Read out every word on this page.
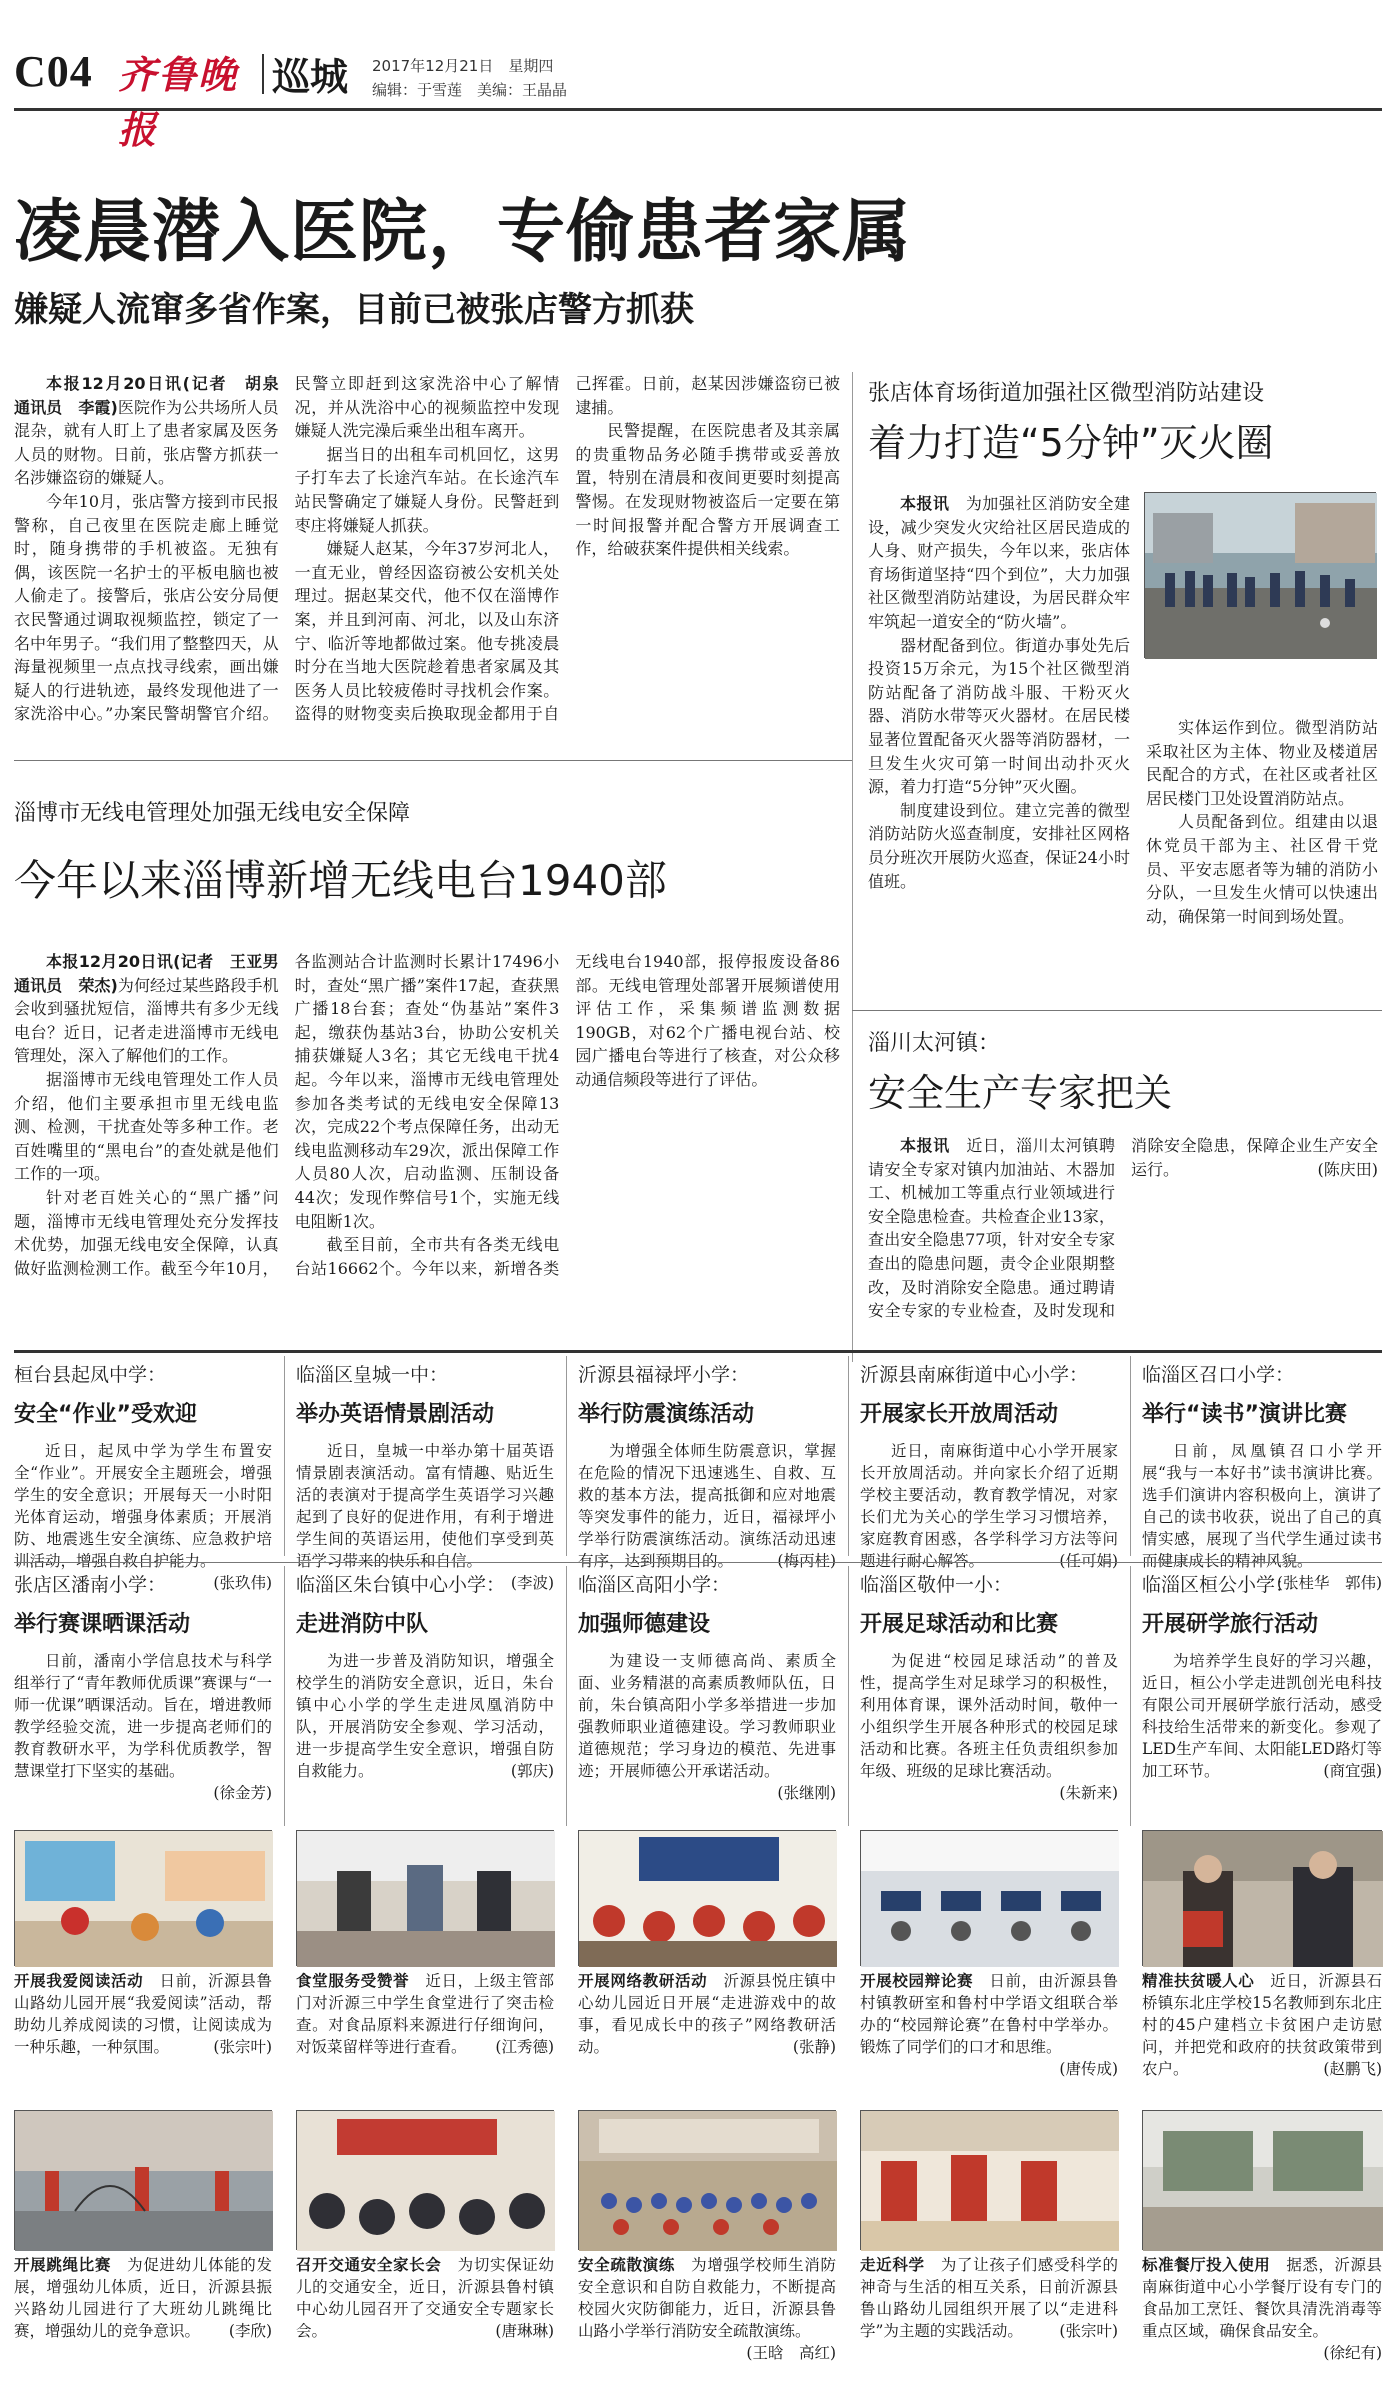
C04 齐鲁晚报
巡城	2017年12月21日　星期四
编辑：于雪莲　美编：王晶晶
凌晨潜入医院，专偷患者家属
嫌疑人流窜多省作案，目前已被张店警方抓获

本报12月20日讯(记者　胡泉　通讯员　李霞)医院作为公共场所人员混杂，就有人盯上了患者家属及医务人员的财物。日前，张店警方抓获一名涉嫌盗窃的嫌疑人。

今年10月，张店警方接到市民报警称，自己夜里在医院走廊上睡觉时，随身携带的手机被盗。无独有偶，该医院一名护士的平板电脑也被人偷走了。接警后，张店公安分局便衣民警通过调取视频监控，锁定了一名中年男子。“我们用了整整四天，从海量视频里一点点找寻线索，画出嫌疑人的行进轨迹，最终发现他进了一家洗浴中心。”办案民警胡警官介绍。民警立即赶到这家洗浴中心了解情况，并从洗浴中心的视频监控中发现嫌疑人洗完澡后乘坐出租车离开。

据当日的出租车司机回忆，这男子打车去了长途汽车站。在长途汽车站民警确定了嫌疑人身份。民警赶到枣庄将嫌疑人抓获。

嫌疑人赵某，今年37岁河北人，一直无业，曾经因盗窃被公安机关处理过。据赵某交代，他不仅在淄博作案，并且到河南、河北，以及山东济宁、临沂等地都做过案。他专挑凌晨时分在当地大医院趁着患者家属及其医务人员比较疲倦时寻找机会作案。盗得的财物变卖后换取现金都用于自己挥霍。日前，赵某因涉嫌盗窃已被逮捕。

民警提醒，在医院患者及其亲属的贵重物品务必随手携带或妥善放置，特别在清晨和夜间更要时刻提高警惕。在发现财物被盗后一定要在第一时间报警并配合警方开展调查工作，给破获案件提供相关线索。

张店体育场街道加强社区微型消防站建设
着力打造“5分钟”灭火圈

本报讯　 为加强社区消防安全建设，减少突发火灾给社区居民造成的人身、财产损失，今年以来，张店体育场街道坚持“四个到位”，大力加强社区微型消防站建设，为居民群众牢牢筑起一道安全的“防火墙”。

器材配备到位。街道办事处先后投资15万余元，为15个社区微型消防站配备了消防战斗服、干粉灭火器、消防水带等灭火器材。在居民楼显著位置配备灭火器等消防器材，一旦发生火灾可第一时间出动扑灭火源，着力打造“5分钟”灭火圈。

制度建设到位。建立完善的微型消防站防火巡查制度，安排社区网格员分班次开展防火巡查，保证24小时值班。

实体运作到位。微型消防站采取社区为主体、物业及楼道居民配合的方式，在社区或者社区居民楼门卫处设置消防站点。

人员配备到位。组建由以退休党员干部为主、社区骨干党员、平安志愿者等为辅的消防小分队，一旦发生火情可以快速出动，确保第一时间到场处置。

淄博市无线电管理处加强无线电安全保障
今年以来淄博新增无线电台1940部

本报12月20日讯(记者　王亚男　通讯员　荣杰)为何经过某些路段手机会收到骚扰短信，淄博共有多少无线电台？近日，记者走进淄博市无线电管理处，深入了解他们的工作。

据淄博市无线电管理处工作人员介绍，他们主要承担市里无线电监测、检测，干扰查处等多种工作。老百姓嘴里的“黑电台”的查处就是他们工作的一项。

针对老百姓关心的“黑广播”问题，淄博市无线电管理处充分发挥技术优势，加强无线电安全保障，认真做好监测检测工作。截至今年10月，各监测站合计监测时长累计17496小时，查处“黑广播”案件17起，查获黑广播18台套；查处“伪基站”案件3起，缴获伪基站3台，协助公安机关捕获嫌疑人3名；其它无线电干扰4起。今年以来，淄博市无线电管理处参加各类考试的无线电安全保障13次，完成22个考点保障任务，出动无线电监测移动车29次，派出保障工作人员80人次，启动监测、压制设备44次；发现作弊信号1个，实施无线电阻断1次。

截至目前，全市共有各类无线电台站16662个。今年以来，新增各类无线电台1940部，报停报废设备86部。无线电管理处部署开展频谱使用评估工作，采集频谱监测数据190GB，对62个广播电视台站、校园广播电台等进行了核查，对公众移动通信频段等进行了评估。

淄川太河镇：
安全生产专家把关

本报讯　 近日，淄川太河镇聘请安全专家对镇内加油站、木器加工、机械加工等重点行业领域进行安全隐患检查。共检查企业13家，查出安全隐患77项，针对安全专家查出的隐患问题，责令企业限期整改，及时消除安全隐患。通过聘请安全专家的专业检查，及时发现和消除安全隐患，保障企业生产安全运行。	(陈庆田)

桓台县起凤中学：
安全“作业”受欢迎
近日，起凤中学为学生布置安全“作业”。开展安全主题班会，增强学生的安全意识；开展每天一小时阳光体育运动，增强身体素质；开展消防、地震逃生安全演练、应急救护培训活动，增强自救自护能力。
(张玖伟)
临淄区皇城一中：
举办英语情景剧活动
近日，皇城一中举办第十届英语情景剧表演活动。富有情趣、贴近生活的表演对于提高学生英语学习兴趣起到了良好的促进作用，有利于增进学生间的英语运用，使他们享受到英语学习带来的快乐和自信。
(李波)
沂源县福禄坪小学：
举行防震演练活动
为增强全体师生防震意识，掌握在危险的情况下迅速逃生、自救、互救的基本方法，提高抵御和应对地震等突发事件的能力，近日，福禄坪小学举行防震演练活动。演练活动迅速有序，达到预期目的。	(梅丙桂)
沂源县南麻街道中心小学：
开展家长开放周活动
近日，南麻街道中心小学开展家长开放周活动。并向家长介绍了近期学校主要活动，教育教学情况，对家长们尤为关心的学生学习习惯培养，家庭教育困惑，各学科学习方法等问题进行耐心解答。	(任可娟)
临淄区召口小学：
举行“读书”演讲比赛
日前，凤凰镇召口小学开展“我与一本好书”读书演讲比赛。选手们演讲内容积极向上，演讲了自己的读书收获，说出了自己的真情实感，展现了当代学生通过读书而健康成长的精神风貌。
(张桂华　郭伟)
张店区潘南小学：
举行赛课晒课活动
日前，潘南小学信息技术与科学组举行了“青年教师优质课”赛课与“一师一优课”晒课活动。旨在，增进教师教学经验交流，进一步提高老师们的教育教研水平，为学科优质教学，智慧课堂打下坚实的基础。
(徐金芳)
临淄区朱台镇中心小学：
走进消防中队
为进一步普及消防知识，增强全校学生的消防安全意识，近日，朱台镇中心小学的学生走进凤凰消防中队，开展消防安全参观、学习活动，进一步提高学生安全意识，增强自防自救能力。	(郭庆)
临淄区高阳小学：
加强师德建设
为建设一支师德高尚、素质全面、业务精湛的高素质教师队伍，日前，朱台镇高阳小学多举措进一步加强教师职业道德建设。学习教师职业道德规范；学习身边的模范、先进事迹；开展师德公开承诺活动。
(张继刚)
临淄区敬仲一小：
开展足球活动和比赛
为促进“校园足球活动”的普及性，提高学生对足球学习的积极性，利用体育课，课外活动时间，敬仲一小组织学生开展各种形式的校园足球活动和比赛。各班主任负责组织参加年级、班级的足球比赛活动。
(朱新来)
临淄区桓公小学：
开展研学旅行活动
为培养学生良好的学习兴趣，近日，桓公小学走进凯创光电科技有限公司开展研学旅行活动，感受科技给生活带来的新变化。参观了LED生产车间、太阳能LED路灯等加工环节。	(商宜强)
开展我爱阅读活动　 日前，沂源县鲁山路幼儿园开展“我爱阅读”活动，帮助幼儿养成阅读的习惯，让阅读成为一种乐趣，一种氛围。	(张宗叶)
食堂服务受赞誉　 近日，上级主管部门对沂源三中学生食堂进行了突击检查。对食品原料来源进行仔细询问，对饭菜留样等进行查看。 (江秀德)
开展网络教研活动　 沂源县悦庄镇中心幼儿园近日开展“走进游戏中的故事，看见成长中的孩子”网络教研活动。	(张静)
开展校园辩论赛　 日前，由沂源县鲁村镇教研室和鲁村中学语文组联合举办的“校园辩论赛”在鲁村中学举办。锻炼了同学们的口才和思维。
(唐传成)
精准扶贫暖人心　 近日，沂源县石桥镇东北庄学校15名教师到东北庄村的45户建档立卡贫困户走访慰问，并把党和政府的扶贫政策带到农户。	(赵鹏飞)
开展跳绳比赛　 为促进幼儿体能的发展，增强幼儿体质，近日，沂源县振兴路幼儿园进行了大班幼儿跳绳比赛，增强幼儿的竞争意识。 (李欣)
召开交通安全家长会　 为切实保证幼儿的交通安全，近日，沂源县鲁村镇中心幼儿园召开了交通安全专题家长会。	(唐琳琳)
安全疏散演练　 为增强学校师生消防安全意识和自防自救能力，不断提高校园火灾防御能力，近日，沂源县鲁山路小学举行消防安全疏散演练。
(王晗　高红)
走近科学　 为了让孩子们感受科学的神奇与生活的相互关系，日前沂源县鲁山路幼儿园组织开展了以“走进科学”为主题的实践活动。 (张宗叶)
标准餐厅投入使用　 据悉，沂源县南麻街道中心小学餐厅设有专门的食品加工烹饪、餐饮具清洗消毒等重点区域，确保食品安全。
(徐纪有)
